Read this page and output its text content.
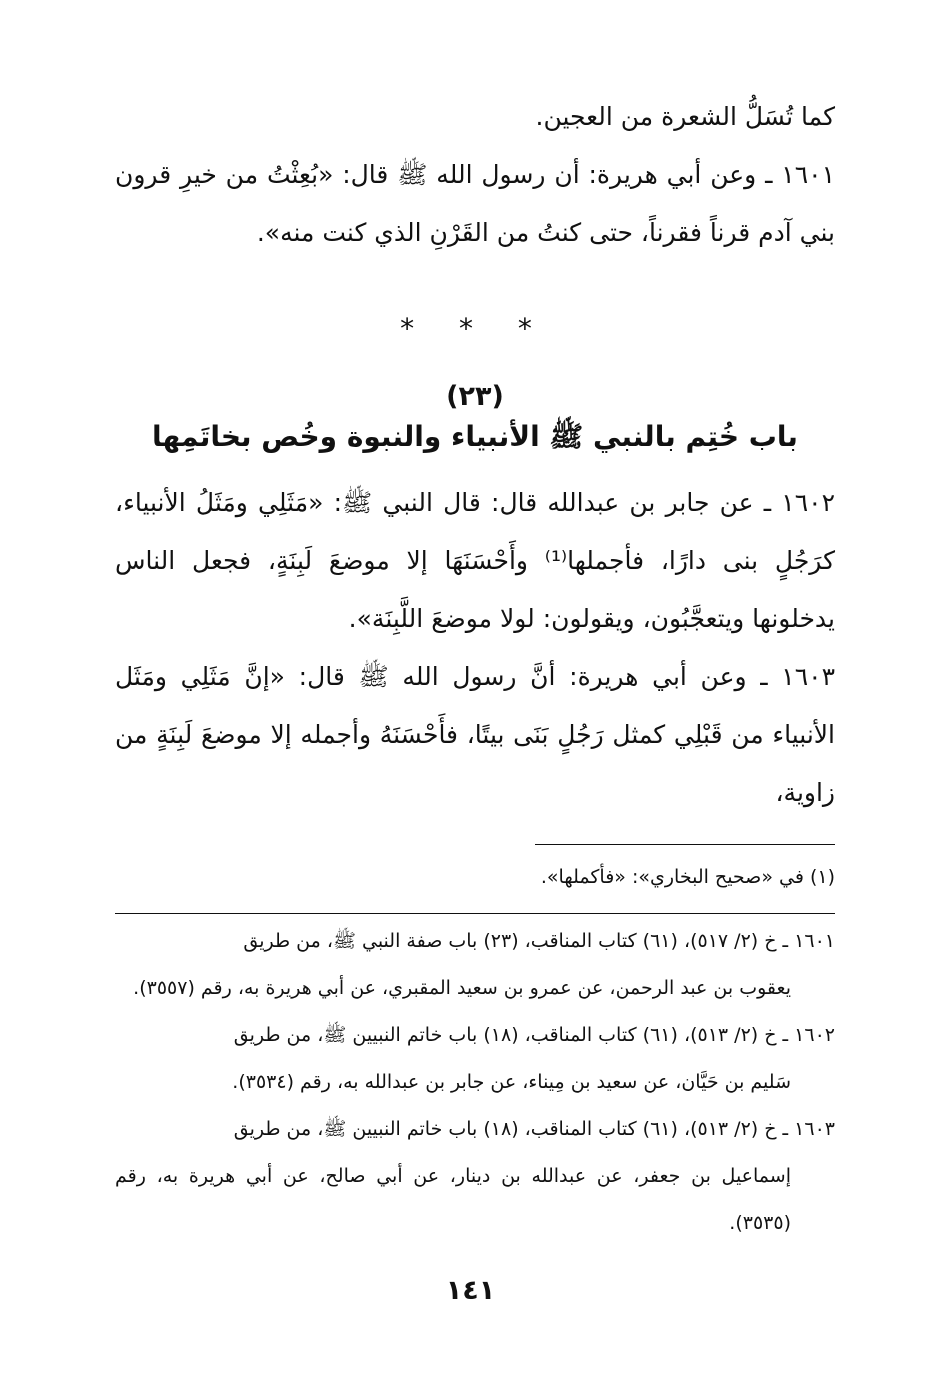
كما تُسَلُّ الشعرة من العجين.

١٦٠١ ـ وعن أبي هريرة: أن رسول الله ﷺ قال: «بُعِثْتُ من خيرِ قرون بني آدم قرناً فقرناً، حتى كنتُ من القَرْنِ الذي كنت منه».

* * *
(٢٣)
باب خُتِم بالنبي ﷺ الأنبياء والنبوة وخُص بخاتَمِها

١٦٠٢ ـ عن جابر بن عبدالله قال: قال النبي ﷺ: «مَثَلِي ومَثَلُ الأنبياء، كرَجُلٍ بنى دارًا، فأجملها⁽¹⁾ وأَحْسَنَهَا إلا موضعَ لَبِنَةٍ، فجعل الناس يدخلونها ويتعجَّبُون، ويقولون: لولا موضعَ اللَّبِنَة».

١٦٠٣ ـ وعن أبي هريرة: أنَّ رسول الله ﷺ قال: «إنَّ مَثَلِي ومَثَل الأنبياء من قَبْلِي كمثل رَجُلٍ بَنَى بيتًا، فأَحْسَنَهُ وأجمله إلا موضعَ لَبِنَةٍ من زاوية،

(١) في «صحيح البخاري»: «فأكملها».

١٦٠١ ـ خ (٢/ ٥١٧)، (٦١) كتاب المناقب، (٢٣) باب صفة النبي ﷺ، من طريق
يعقوب بن عبد الرحمن، عن عمرو بن سعيد المقبري، عن أبي هريرة به، رقم (٣٥٥٧).

١٦٠٢ ـ خ (٢/ ٥١٣)، (٦١) كتاب المناقب، (١٨) باب خاتم النبيين ﷺ، من طريق
سَليم بن حَيَّان، عن سعيد بن مِيناء، عن جابر بن عبدالله به، رقم (٣٥٣٤).

١٦٠٣ ـ خ (٢/ ٥١٣)، (٦١) كتاب المناقب، (١٨) باب خاتم النبيين ﷺ، من طريق
إسماعيل بن جعفر، عن عبدالله بن دينار، عن أبي صالح، عن أبي هريرة به، رقم (٣٥٣٥).

١٤١
